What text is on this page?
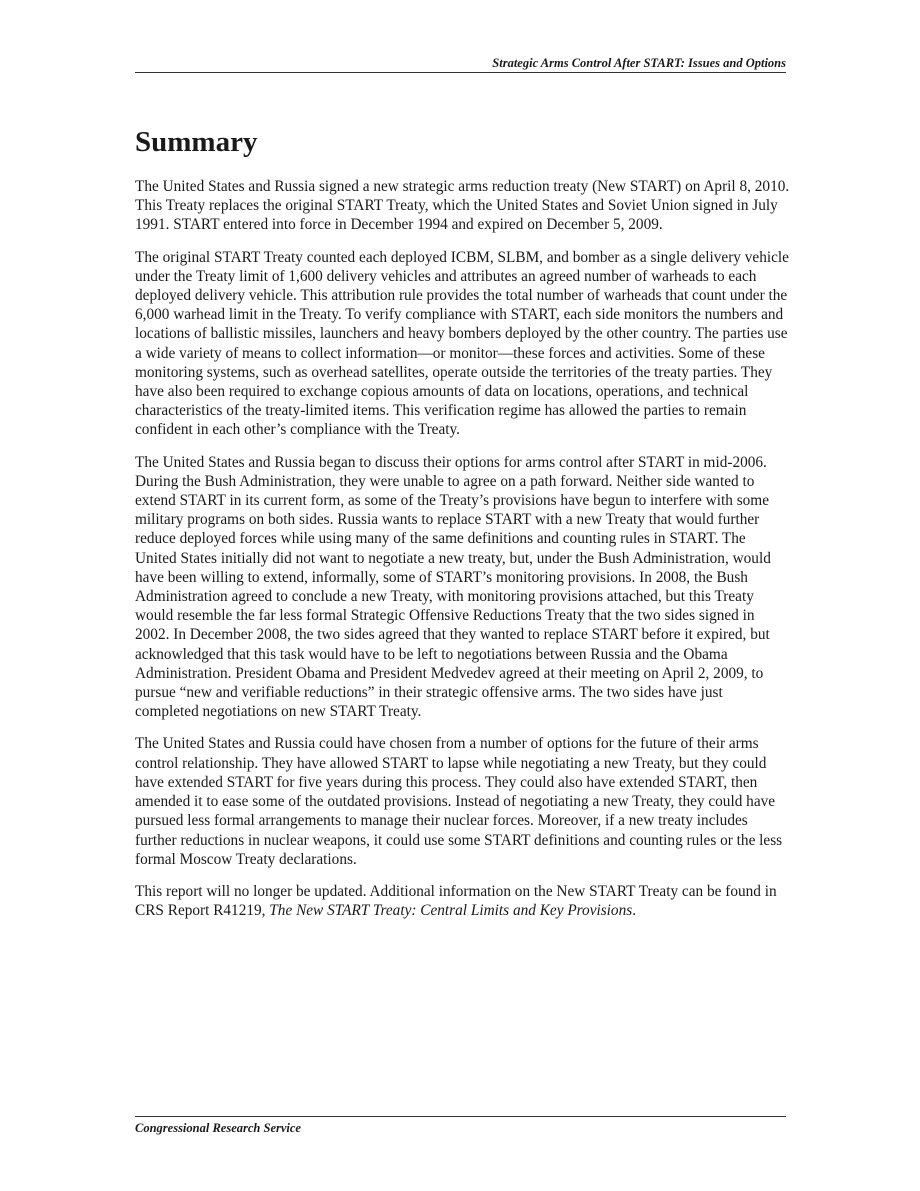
Strategic Arms Control After START: Issues and Options
Summary

The United States and Russia signed a new strategic arms reduction treaty (New START) on April 8, 2010. This Treaty replaces the original START Treaty, which the United States and Soviet Union signed in July 1991. START entered into force in December 1994 and expired on December 5, 2009.

The original START Treaty counted each deployed ICBM, SLBM, and bomber as a single delivery vehicle under the Treaty limit of 1,600 delivery vehicles and attributes an agreed number of warheads to each deployed delivery vehicle. This attribution rule provides the total number of warheads that count under the 6,000 warhead limit in the Treaty. To verify compliance with START, each side monitors the numbers and locations of ballistic missiles, launchers and heavy bombers deployed by the other country. The parties use a wide variety of means to collect information—or monitor—these forces and activities. Some of these monitoring systems, such as overhead satellites, operate outside the territories of the treaty parties. They have also been required to exchange copious amounts of data on locations, operations, and technical characteristics of the treaty-limited items. This verification regime has allowed the parties to remain confident in each other’s compliance with the Treaty.

The United States and Russia began to discuss their options for arms control after START in mid-2006. During the Bush Administration, they were unable to agree on a path forward. Neither side wanted to extend START in its current form, as some of the Treaty’s provisions have begun to interfere with some military programs on both sides. Russia wants to replace START with a new Treaty that would further reduce deployed forces while using many of the same definitions and counting rules in START. The United States initially did not want to negotiate a new treaty, but, under the Bush Administration, would have been willing to extend, informally, some of START’s monitoring provisions. In 2008, the Bush Administration agreed to conclude a new Treaty, with monitoring provisions attached, but this Treaty would resemble the far less formal Strategic Offensive Reductions Treaty that the two sides signed in 2002. In December 2008, the two sides agreed that they wanted to replace START before it expired, but acknowledged that this task would have to be left to negotiations between Russia and the Obama Administration. President Obama and President Medvedev agreed at their meeting on April 2, 2009, to pursue “new and verifiable reductions” in their strategic offensive arms. The two sides have just completed negotiations on new START Treaty.

The United States and Russia could have chosen from a number of options for the future of their arms control relationship. They have allowed START to lapse while negotiating a new Treaty, but they could have extended START for five years during this process. They could also have extended START, then amended it to ease some of the outdated provisions. Instead of negotiating a new Treaty, they could have pursued less formal arrangements to manage their nuclear forces. Moreover, if a new treaty includes further reductions in nuclear weapons, it could use some START definitions and counting rules or the less formal Moscow Treaty declarations.

This report will no longer be updated. Additional information on the New START Treaty can be found in CRS Report R41219, The New START Treaty: Central Limits and Key Provisions.

Congressional Research Service
